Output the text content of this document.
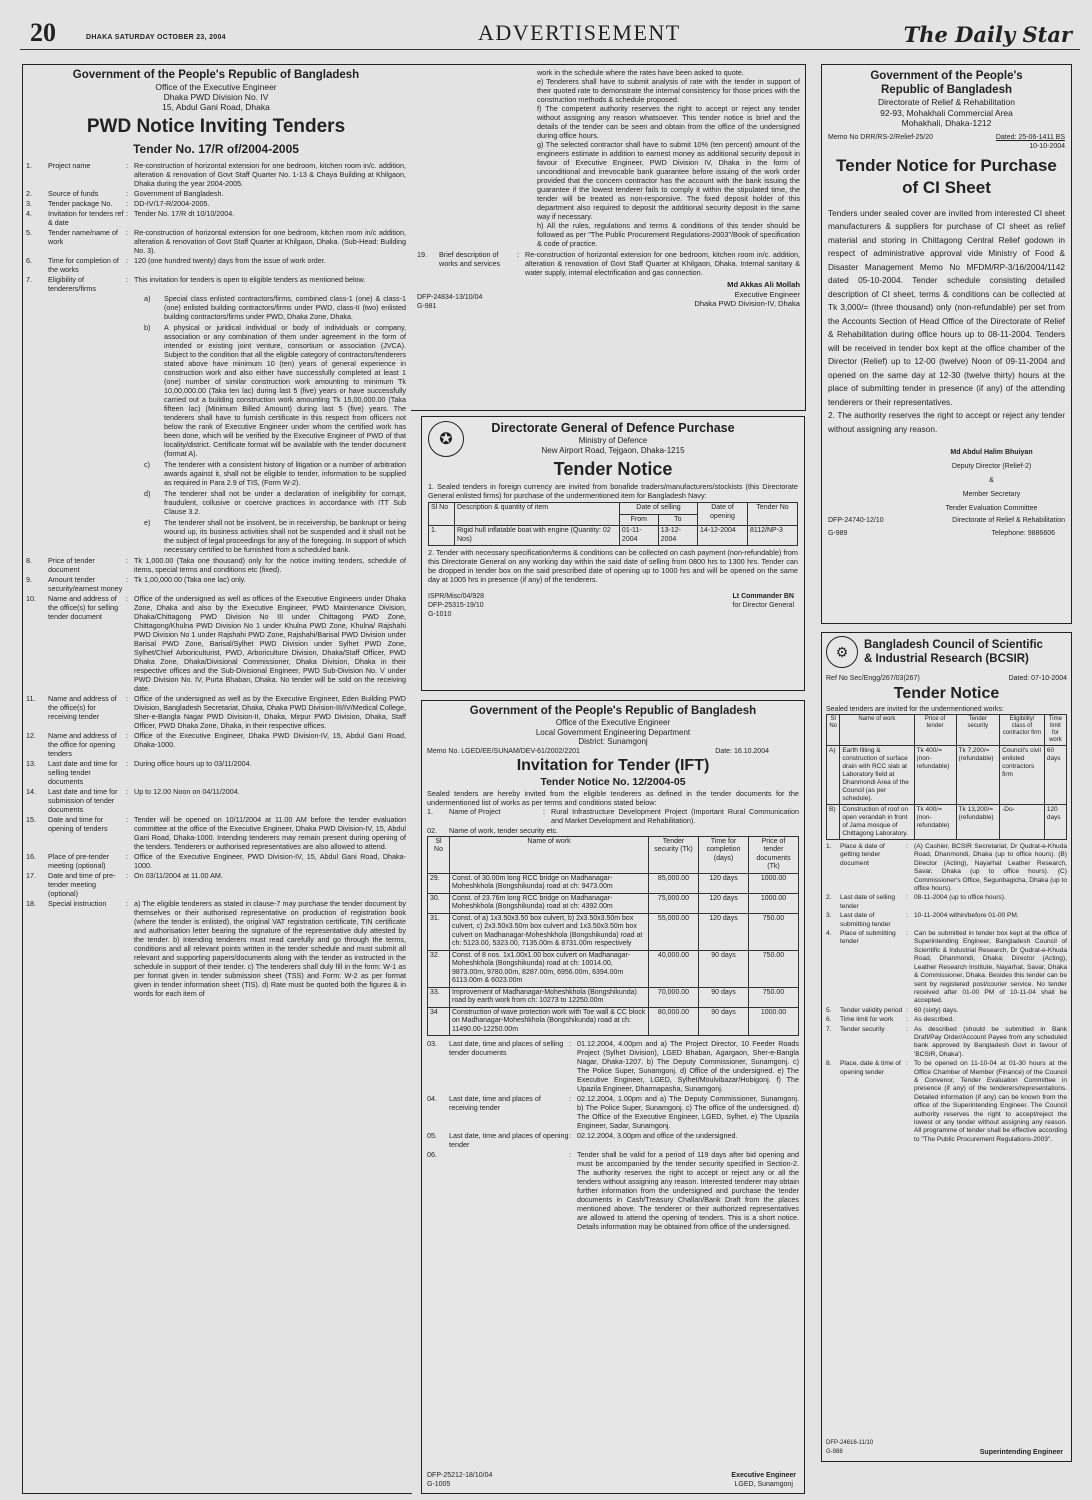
20	DHAKA SATURDAY OCTOBER 23, 2004	ADVERTISEMENT	The Daily Star
Government of the People's Republic of Bangladesh
Office of the Executive Engineer
Dhaka PWD Division No. IV
15, Abdul Gani Road, Dhaka
PWD Notice Inviting Tenders
Tender No. 17/R of/2004-2005
1.	Project name	: Re-construction of horizontal extension for one bedroom, kitchen room in/c. addition, alteration & renovation of Govt Staff Quarter No. 1-13 & Chaya Building at Khilgaon, Dhaka during the year 2004-2005.
2.	Source of funds	: Government of Bangladesh.
3.	Tender package No.	: DD-IV/17-R/2004-2005.
4.	Invitation for tenders ref & date
: Tender No. 17/R dt 10/10/2004.
5.	Tender name/name of work
: Re-construction of horizontal extension for one bedroom, kitchen room in/c addition, alteration & renovation of Govt Staff Quarter at Khilgaon, Dhaka. (Sub-Head: Building No. 3).
6.	Time for completion of the works
: 120 (one hundred twenty) days from the issue of work order.
7.	Eligibility of tenderers/firms
: This invitation for tenders is open to eligible tenders as mentioned below.
a)	Special class enlisted contractors/firms, combined class-1 (one) & class-1 (one) enlisted building contractors/firms under PWD, class-II (two) enlisted building contractors/firms under PWD, Dhaka Zone, Dhaka.
b)	A physical or juridical individual or body of individuals or company, association or any combination of them under agreement in the form of intended or existing joint venture, consortium or association (JVCA). Subject to the condition that all the eligible category of contractors/tenderers stated above have minimum 10 (ten) years of general experience in construction work and also either have successfully completed at least 1 (one) number of similar construction work amounting to minimum Tk 10,00,000.00 (Taka ten lac) during last 5 (five) years or have successfully carried out a building construction work amounting Tk 15,00,000.00 (Taka fifteen lac) (Minimum Billed Amount) during last 5 (five) years. The tenderers shall have to furnish certificate in this respect from officers not below the rank of Executive Engineer under whom the certified work has been done, which will be verified by the Executive Engineer of PWD of that locality/district. Certificate format will be available with the tender document (format A).
c)	The tenderer with a consistent history of litigation or a number of arbitration awards against it, shall not be eligible to tender, information to be supplied as required in Para 2.9 of TIS, (Form W-2).
d)	The tenderer shall not be under a declaration of ineligibility for corrupt, fraudulent, collusive or coercive practices in accordance with ITT Sub Clause 3.2.
e)	The tenderer shall not be insolvent, be in receivership, be bankrupt or being wound up, its business activities shall not be suspended and it shall not be the subject of legal proceedings for any of the foregoing. In support of which necessary certified to be furnished from a scheduled bank.
8.	Price of tender document
: Tk 1,000.00 (Taka one thousand) only for the notice inviting tenders, schedule of items, special terms and conditions etc (fixed).
9.	Amount tender security/earnest money
: Tk 1,00,000.00 (Taka one lac) only.
10.	Name and address of the office(s) for selling tender document
: Office of the undersigned as well as offices of the Executive Engineers under Dhaka Zone, Dhaka and also by the Executive Engineer, PWD Maintenance Division, Dhaka/Chittagong PWD Division No III under Chittagong PWD Zone, Chittagong/Khulna PWD Division No 1 under Khulna PWD Zone, Khulna/ Rajshahi PWD Division No 1 under Rajshahi PWD Zone, Rajshahi/Barisal PWD Division under Barisal PWD Zone, Barisal/Sylhet PWD Division under Sylhet PWD Zone, Sylhet/Chief Arboriculturist, PWD, Arboriculture Division, Dhaka/Staff Officer, PWD Dhaka Zone, Dhaka/Divisional Commissioner, Dhaka Division, Dhaka in their respective offices and the Sub-Divisional Engineer, PWD Sub-Division No. V under PWD Division No. IV, Purta Bhaban, Dhaka. No tender will be sold on the receiving date.
11.	Name and address of the office(s) for receiving tender
: Office of the undersigned as well as by the Executive Engineer, Eden Building PWD Division, Bangladesh Secretariat, Dhaka, Dhaka PWD Division-III/IV/Medical College, Sher-e-Bangla Nagar PWD Division-II, Dhaka, Mirpur PWD Division, Dhaka, Staff Officer, PWD Dhaka Zone, Dhaka, in their respective offices.
12.	Name and address of the office for opening tenders
: Office of the Executive Engineer, Dhaka PWD Division-IV, 15, Abdul Gani Road, Dhaka-1000.
13.	Last date and time for selling tender documents
: During office hours up to 03/11/2004.
14.	Last date and time for submission of tender documents
: Up to 12.00 Noon on 04/11/2004.
15.	Date and time for opening of tenders
: Tender will be opened on 10/11/2004 at 11.00 AM before the tender evaluation committee at the office of the Executive Engineer, Dhaka PWD Division-IV, 15, Abdul Gani Road, Dhaka-1000. Intending tenderers may remain present during opening of the tenders. Tenderers or authorised representatives are also allowed to attend.
16.	Place of pre-tender meeting (optional)
: Office of the Executive Engineer, PWD Division-IV, 15, Abdul Gani Road, Dhaka-1000.
17.	Date and time of pre-tender meeting (optional)
: On 03/11/2004 at 11.00 AM.
18.	Special instruction	: a) The eligible tenderers as stated in clause-7 may purchase the tender document by themselves or their authorised representative on production of registration book (where the tender is enlisted), the original VAT registration certificate, TIN certificate and authorisation letter bearing the signature of the representative duly attested by the tender. b) Intending tenderers must read carefully and go through the terms, conditions and all relevant points written in the tender schedule and must submit all relevant and supporting papers/documents along with the tender as instructed in the schedule in support of their tender. c) The tenderers shall duly fill in the form: W-1 as per format given in tender submission sheet (TSS) and Form: W-2 as per format given in tender information sheet (TIS). d) Rate must be quoted both the figures & in words for each item of
work in the schedule where the rates have been asked to quote.
e) Tenderers shall have to submit analysis of rate with the tender in support of their quoted rate to demonstrate the internal consistency for those prices with the construction methods & schedule proposed.
f) The competent authority reserves the right to accept or reject any tender without assigning any reason whatsoever. This tender notice is brief and the details of the tender can be seen and obtain from the office of the undersigned during office hours.
g) The selected contractor shall have to submit 10% (ten percent) amount of the engineers estimate in addition to earnest money as additional security deposit in favour of Executive Engineer, PWD Division IV, Dhaka in the form of unconditional and irrevocable bank guarantee before issuing of the work order provided that the concern contractor has the account with the bank issuing the guarantee if the lowest tenderer fails to comply it within the stipulated time, the tender will be treated as non-responsive. The fixed deposit holder of this department also required to deposit the additional security deposit in the same way if necessary.
h) All the rules, regulations and terms & conditions of this tender should be followed as per "The Public Procurement Regulations-2003"/Book of specification & code of practice.
19.	Brief description of works and services
: Re-construction of horizontal extension for one bedroom, kitchen room in/c. addition, alteration & renovation of Govt Staff Quarter at Khilgaon, Dhaka. Internal sanitary & water supply, internal electrification and gas connection.
Md Akkas Ali Mollah
Executive Engineer
Dhaka PWD Division-IV, Dhaka
DFP-24834-13/10/04
G-981
✪
Directorate General of Defence Purchase
Ministry of Defence
New Airport Road, Tejgaon, Dhaka-1215
Tender Notice
1. Sealed tenders in foreign currency are invited from bonafide traders/manufacturers/stockists (this Directorate General enlisted firms) for purchase of the undermentioned item for Bangladesh Navy:
Sl No	Description & quantity of item	Date of selling		Date of opening	Tender No
		From	To		
1.	Rigid hull inflatable boat with engine (Quantity: 02 Nos)	01-11-2004	13-12-2004	14-12-2004	8112/NP-3
2. Tender with necessary specification/terms & conditions can be collected on cash payment (non-refundable) from this Directorate General on any working day within the said date of selling from 0800 hrs to 1300 hrs. Tender can be dropped in tender box on the said prescribed date of opening up to 1000 hrs and will be opened on the same day at 1005 hrs in presence (if any) of the tenderers.
ISPR/Misc/04/928
DFP-25315-19/10
G-1010
Lt Commander BN
for Director General
Government of the People's Republic of Bangladesh
Office of the Executive Engineer
Local Government Engineering Department
District: Sunamgonj
Memo No. LGED/EE/SUNAM/DEV-61/2002/2201	Date: 16.10.2004
Invitation for Tender (IFT)
Tender Notice No. 12/2004-05
Sealed tenders are hereby invited from the eligible tenderers as defined in the tender documents for the undermentioned list of works as per terms and conditions stated below:
1.	Name of Project	: Rural Infrastructure Development Project (Important Rural Communication and Market Development and Rehabilitation).
02.	Name of work, tender security etc.
Sl No	Name of work	Tender security (Tk)	Time for completion (days)	Price of tender documents (Tk)
29.	Const. of 30.00m long RCC bridge on Madhanagar-Moheshkhola (Bongshikunda) road at ch: 9473.00m	85,000.00	120 days	1000.00
30.	Const. of 23.76m long RCC bridge on Madhanagar-Moheshkhola (Bongshikunda) road at ch: 4392.00m	75,000.00	120 days	1000.00
31.	Const. of a) 1x3.50x3.50 box culvert, b) 2x3.50x3.50m box culvert, c) 2x3.50x3.50m box culvert and 1x3.50x3.50m box culvert on Madhanagar-Moheshkhola (Bongshikunda) road at ch: 5123.00, 5323.00, 7135.00m & 8731.00m respectively	55,000.00	120 days	750.00
32.	Const. of 8 nos. 1x1.00x1.00 box culvert on Madhanagar-Moheshkhola (Bongshikunda) road at ch: 10014.00, 9873.00m, 9780.00m, 8287.00m, 6956.00m, 6394.00m 6113.00m & 6023.00m	40,000.00	90 days	750.00
33.	Improvement of Madhanagar-Moheshkhola (Bongshikunda) road by earth work from ch: 10273 to 12250.00m	70,000.00	90 days	750.00
34	Construction of wave protection work with Toe wall & CC block on Madhanagar-Moheshkhola (Bongshikunda) road at ch: 11490.00-12250.00m	80,000.00	90 days	1000.00
03.	Last date, time and places of selling tender documents
: 01.12.2004, 4.00pm and a) The Project Director, 10 Feeder Roads Project (Sylhet Division), LGED Bhaban, Agargaon, Sher-e-Bangla Nagar, Dhaka-1207. b) The Deputy Commissioner, Sunamgonj. c) The Police Super, Sunamgonj. d) Office of the undersigned. e) The Executive Engineer, LGED, Sylhet/Moulvibazar/Hobigonj. f) The Upazila Engineer, Dharmapasha, Sunamgonj.
04.	Last date, time and places of receiving tender
: 02.12.2004, 1.00pm and a) The Deputy Commissioner, Sunamgonj. b) The Police Super, Sunamgonj. c) The office of the undersigned. d) The Office of the Executive Engineer, LGED, Sylhet. e) The Upazila Engineer, Sadar, Sunamgonj.
05.	Last date, time and places of opening tender
: 02.12.2004, 3.00pm and office of the undersigned.
06.	: Tender shall be valid for a period of 119 days after bid opening and must be accompanied by the tender security specified in Section-2. The authority reserves the right to accept or reject any or all the tenders without assigning any reason. Interested tenderer may obtain further information from the undersigned and purchase the tender documents in Cash/Treasury Challan/Bank Draft from the places mentioned above. The tenderer or their authorized representatives are allowed to attend the opening of tenders. This is a short notice. Details information may be obtained from office of the undersigned.
DFP-25212-18/10/04
G-1005
Executive Engineer
LGED, Sunamgonj
Government of the People's
Republic of Bangladesh
Directorate of Relief & Rehabilitation
92-93, Mohakhali Commercial Area
Mohakhali, Dhaka-1212
Memo No DRR/RS-2/Relief-25/20	Dated: 25-06-1411 BS
10-10-2004
Tender Notice for Purchase of CI Sheet
Tenders under sealed cover are invited from interested CI sheet manufacturers & suppliers for purchase of CI sheet as relief material and storing in Chittagong Central Relief godown in respect of administrative approval vide Ministry of Food & Disaster Management Memo No MFDM/RP-3/16/2004/1142 dated 05-10-2004. Tender schedule consisting detailed description of CI sheet, terms & conditions can be collected at Tk 3,000/= (three thousand) only (non-refundable) per set from the Accounts Section of Head Office of the Directorate of Relief & Rehabilitation during office hours up to 08-11-2004. Tenders will be received in tender box kept at the office chamber of the Director (Relief) up to 12-00 (twelve) Noon of 09-11-2004 and opened on the same day at 12-30 (twelve thirty) hours at the place of submitting tender in presence (if any) of the attending tenderers or their representatives.
2. The authority reserves the right to accept or reject any tender without assigning any reason.
Md Abdul Halim Bhuiyan
Deputy Director (Relief-2)
&
Member Secretary
Tender Evaluation Committee
DFP-24740-12/10	Directorate of Relief & Rehabilitation
G-989	Telephone: 9886606
⚙	Bangladesh Council of Scientific
& Industrial Research (BCSIR)
Ref No Sec/Engg/267/03(267)	Dated: 07-10-2004
Tender Notice
Sealed tenders are invited for the undermentioned works:
Sl No	Name of work	Price of tender	Tender security	Eligibility/ class of contractor firm	Time limit for work
A)	Earth filling & construction of surface drain with RCC slab at Laboratory field at Dhanmondi Area of the Council (as per schedule).	Tk 400/= (non-refundable)	Tk 7,200/= (refundable)	Council's civil enlisted contractors firm	60 days
B)	Construction of roof on open verandah in front of Jama mosque of Chittagong Laboratory.	Tk 400/= (non-refundable)	Tk 13,200/= (refundable)	-Do-	120 days
1.	Place & date of getting tender document
: (A) Cashier, BCSIR Secretariat, Dr Qudrat-e-Khuda Road, Dhanmondi, Dhaka (up to office hours). (B) Director (Acting), Nayarhat Leather Research, Savar, Dhaka (up to office hours). (C) Commissioner's Office, Segunbagicha, Dhaka (up to office hours).
2.	Last date of selling tender
: 08-11-2004 (up to office hours).
3.	Last date of submitting tender
: 10-11-2004 within/before 01-00 PM.
4.	Place of submitting tender
: Can be submitted in tender box kept at the office of Superintending Engineer, Bangladesh Council of Scientific & Industrial Research, Dr Qudrat-e-Khuda Road, Dhanmondi, Dhaka; Director (Acting), Leather Research Institute, Nayarhat, Savar, Dhaka & Commissioner, Dhaka. Besides this tender can be sent by registered post/courier service. No tender received after 01-00 PM of 10-11-04 shall be accepted.
5.	Tender validity period : 60 (sixty) days.
6.	Time limit for work	: As described.
7.	Tender security	: As described (should be submitted in Bank Draft/Pay Order/Account Payee from any scheduled bank approved by Bangladesh Govt in favour of 'BCSIR, Dhaka').
8.	Place, date & time of opening tender
: To be opened on 11-10-04 at 01-30 hours at the Office Chamber of Member (Finance) of the Council & Convenor, Tender Evaluation Committee in presence (if any) of the tenderers/representations. Detailed information (if any) can be known from the office of the Superintending Engineer. The Council authority reserves the right to accept/reject the lowest or any tender without assigning any reason. All programme of tender shall be effective according to "The Public Procurement Regulations-2003".
DFP-24616-11/10
G-988	Superintending Engineer
